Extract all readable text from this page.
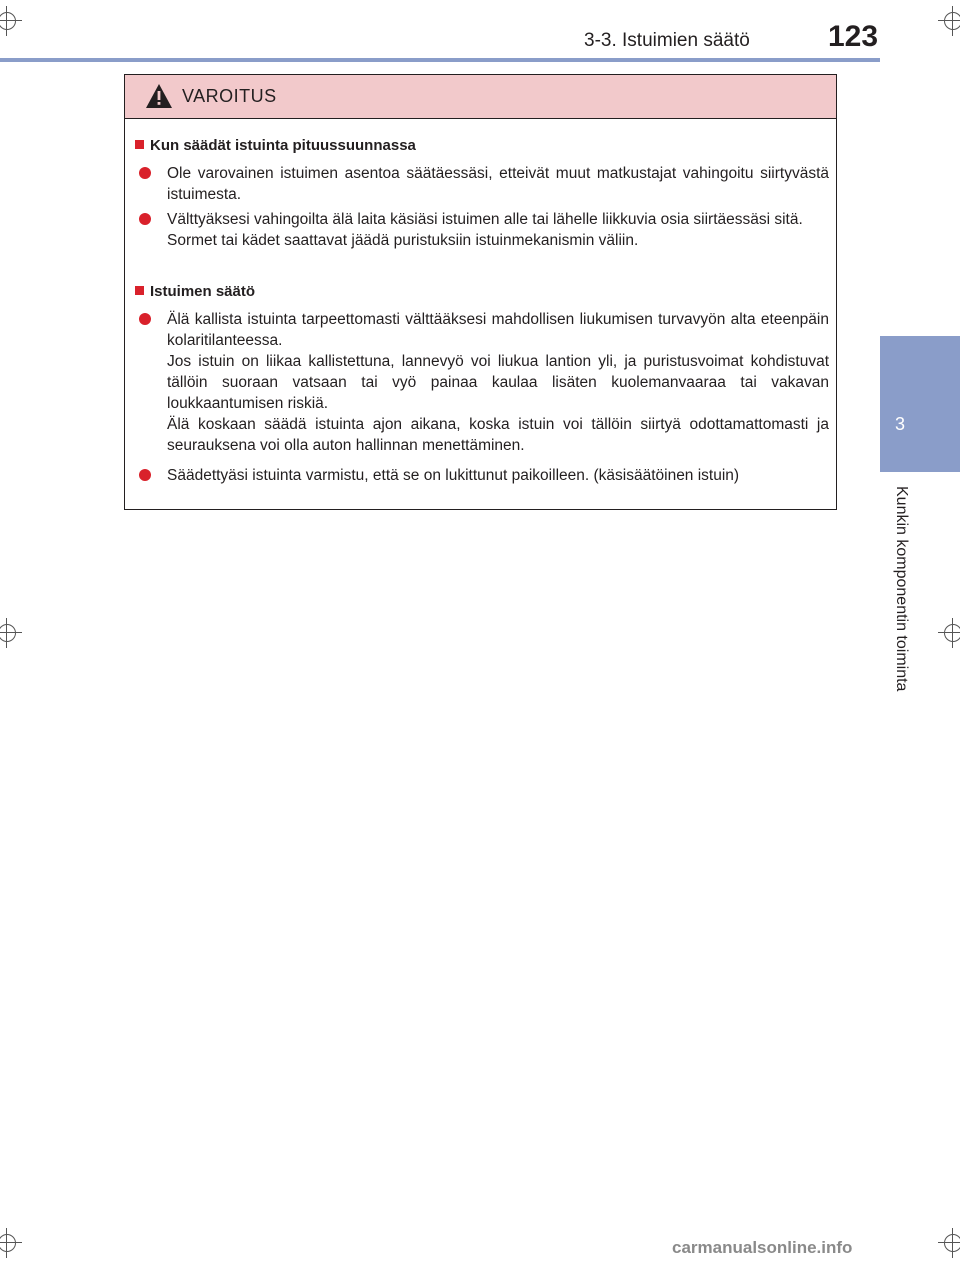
3-3. Istuimien säätö	123
3
Kunkin komponentin toiminta
VAROITUS
Kun säädät istuinta pituussuunnassa
Ole varovainen istuimen asentoa säätäessäsi, etteivät muut matkustajat vahingoitu siirtyvästä istuimesta.
Välttyäksesi vahingoilta älä laita käsiäsi istuimen alle tai lähelle liikkuvia osia siirtäessäsi sitä.
Sormet tai kädet saattavat jäädä puristuksiin istuinmekanismin väliin.
Istuimen säätö
Älä kallista istuinta tarpeettomasti välttääksesi mahdollisen liukumisen turvavyön alta eteenpäin kolaritilanteessa.
Jos istuin on liikaa kallistettuna, lannevyö voi liukua lantion yli, ja puristusvoimat kohdistuvat tällöin suoraan vatsaan tai vyö painaa kaulaa lisäten kuolemanvaaraa tai vakavan loukkaantumisen riskiä.
Älä koskaan säädä istuinta ajon aikana, koska istuin voi tällöin siirtyä odottamattomasti ja seurauksena voi olla auton hallinnan menettäminen.
Säädettyäsi istuinta varmistu, että se on lukittunut paikoilleen. (käsisäätöinen istuin)
carmanualsonline.info
